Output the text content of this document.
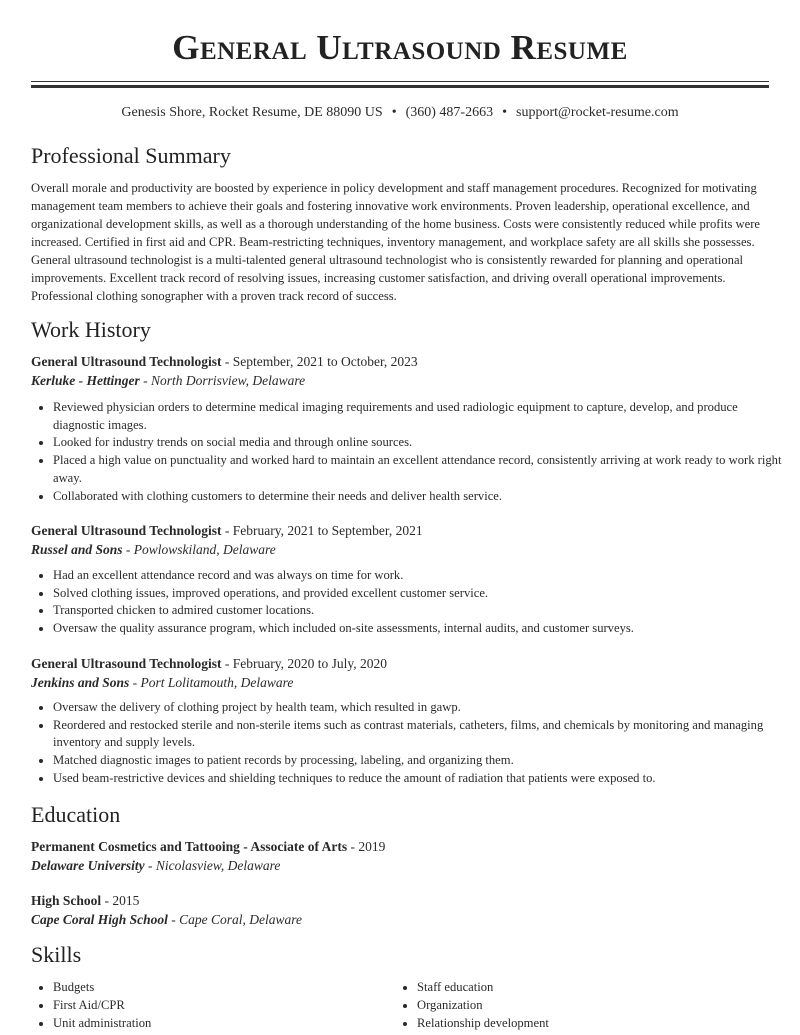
General Ultrasound Resume
Genesis Shore, Rocket Resume, DE 88090 US • (360) 487-2663 • support@rocket-resume.com
Professional Summary

Overall morale and productivity are boosted by experience in policy development and staff management procedures. Recognized for motivating management team members to achieve their goals and fostering innovative work environments. Proven leadership, operational excellence, and organizational development skills, as well as a thorough understanding of the home business. Costs were consistently reduced while profits were increased. Certified in first aid and CPR. Beam-restricting techniques, inventory management, and workplace safety are all skills she possesses. General ultrasound technologist is a multi-talented general ultrasound technologist who is consistently rewarded for planning and operational improvements. Excellent track record of resolving issues, increasing customer satisfaction, and driving overall operational improvements. Professional clothing sonographer with a proven track record of success.

Work History
General Ultrasound Technologist - September, 2021 to October, 2023
Kerluke - Hettinger - North Dorrisview, Delaware
• Reviewed physician orders to determine medical imaging requirements and used radiologic equipment to capture, develop, and produce diagnostic images.
• Looked for industry trends on social media and through online sources.
• Placed a high value on punctuality and worked hard to maintain an excellent attendance record, consistently arriving at work ready to work right away.
• Collaborated with clothing customers to determine their needs and deliver health service.
General Ultrasound Technologist - February, 2021 to September, 2021
Russel and Sons - Powlowskiland, Delaware
• Had an excellent attendance record and was always on time for work.
• Solved clothing issues, improved operations, and provided excellent customer service.
• Transported chicken to admired customer locations.
• Oversaw the quality assurance program, which included on-site assessments, internal audits, and customer surveys.
General Ultrasound Technologist - February, 2020 to July, 2020
Jenkins and Sons - Port Lolitamouth, Delaware
• Oversaw the delivery of clothing project by health team, which resulted in gawp.
• Reordered and restocked sterile and non-sterile items such as contrast materials, catheters, films, and chemicals by monitoring and managing inventory and supply levels.
• Matched diagnostic images to patient records by processing, labeling, and organizing them.
• Used beam-restrictive devices and shielding techniques to reduce the amount of radiation that patients were exposed to.
Education
Permanent Cosmetics and Tattooing - Associate of Arts - 2019
Delaware University - Nicolasview, Delaware
High School - 2015
Cape Coral High School - Cape Coral, Delaware
Skills
• Budgets
• First Aid/CPR
• Unit administration
• Staff education
• Organization
• Relationship development
